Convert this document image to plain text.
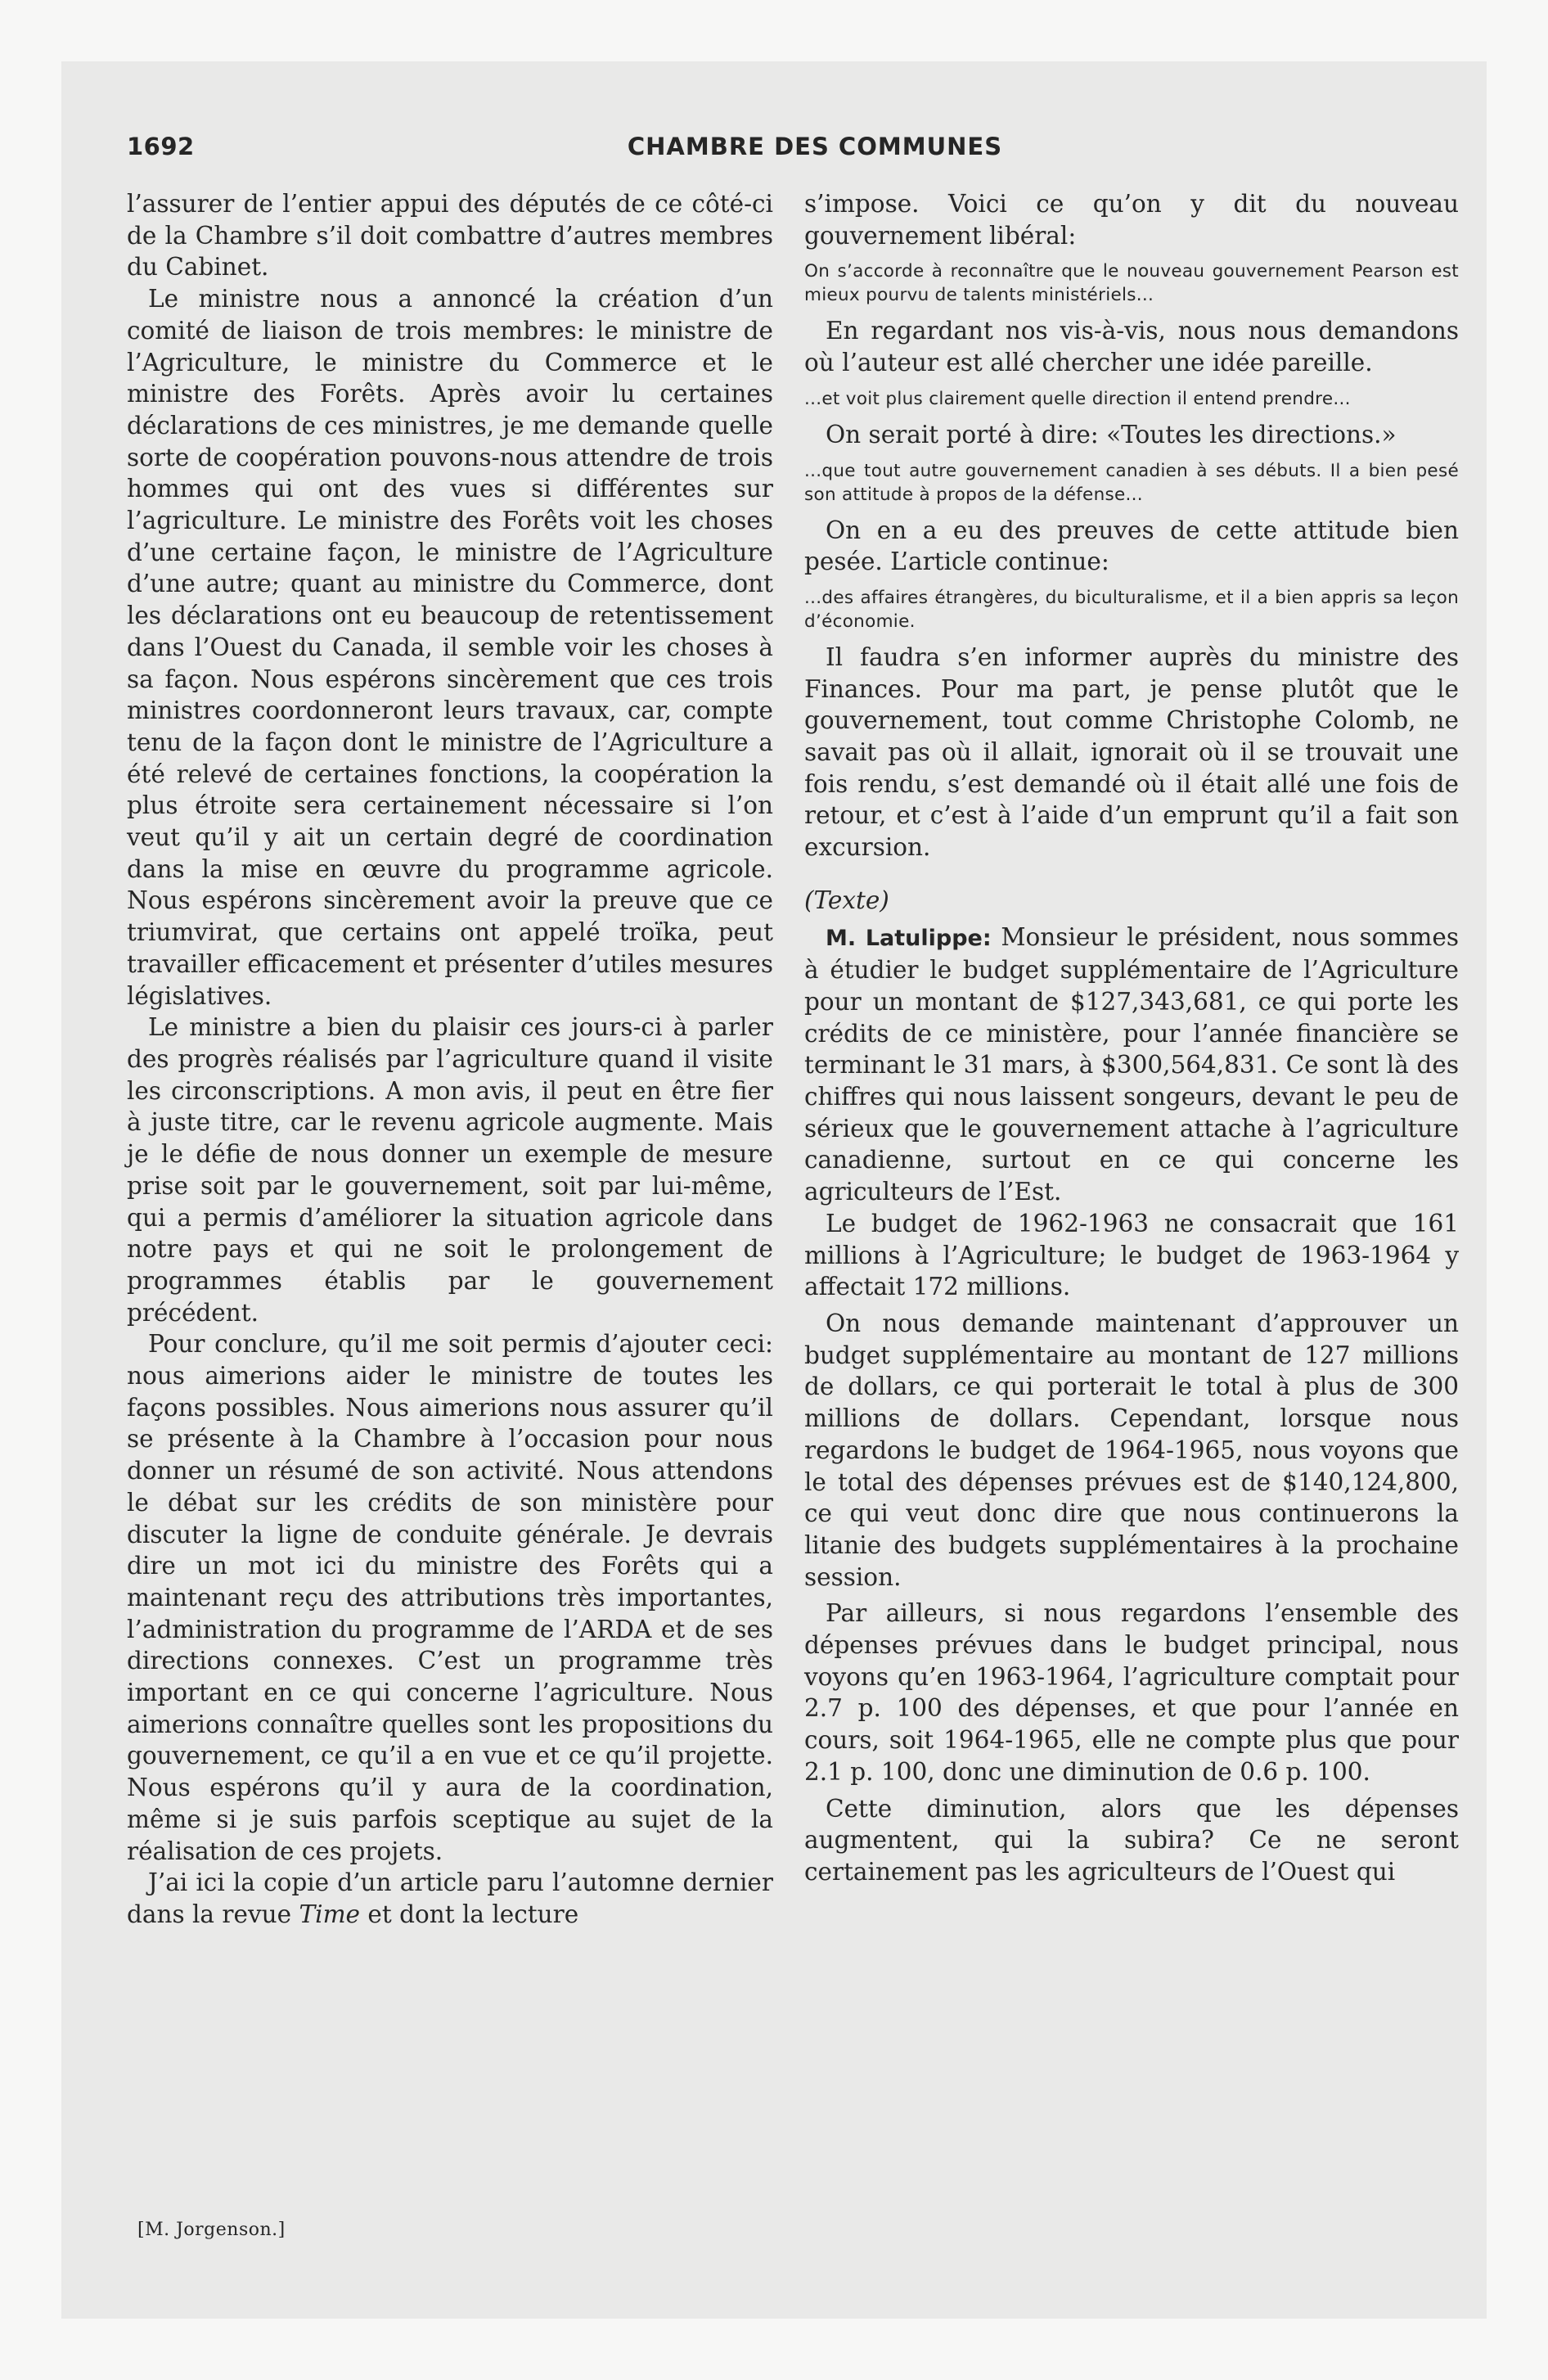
1692	CHAMBRE DES COMMUNES

l’assurer de l’entier appui des députés de ce côté-ci de la Chambre s’il doit combattre d’autres membres du Cabinet.

Le ministre nous a annoncé la création d’un comité de liaison de trois membres: le ministre de l’Agriculture, le ministre du Commerce et le ministre des Forêts. Après avoir lu certaines déclarations de ces ministres, je me demande quelle sorte de coopération pouvons-nous attendre de trois hommes qui ont des vues si différentes sur l’agriculture. Le ministre des Forêts voit les choses d’une certaine façon, le ministre de l’Agriculture d’une autre; quant au ministre du Commerce, dont les déclarations ont eu beaucoup de retentissement dans l’Ouest du Canada, il semble voir les choses à sa façon. Nous espérons sincèrement que ces trois ministres coordonneront leurs travaux, car, compte tenu de la façon dont le ministre de l’Agriculture a été relevé de certaines fonctions, la coopération la plus étroite sera certainement nécessaire si l’on veut qu’il y ait un certain degré de coordination dans la mise en œuvre du programme agricole. Nous espérons sincèrement avoir la preuve que ce triumvirat, que certains ont appelé troïka, peut travailler efficacement et présenter d’utiles mesures législatives.

Le ministre a bien du plaisir ces jours-ci à parler des progrès réalisés par l’agriculture quand il visite les circonscriptions. A mon avis, il peut en être fier à juste titre, car le revenu agricole augmente. Mais je le défie de nous donner un exemple de mesure prise soit par le gouvernement, soit par lui-même, qui a permis d’améliorer la situation agricole dans notre pays et qui ne soit le prolongement de programmes établis par le gouvernement précédent.

Pour conclure, qu’il me soit permis d’ajouter ceci: nous aimerions aider le ministre de toutes les façons possibles. Nous aimerions nous assurer qu’il se présente à la Chambre à l’occasion pour nous donner un résumé de son activité. Nous attendons le débat sur les crédits de son ministère pour discuter la ligne de conduite générale. Je devrais dire un mot ici du ministre des Forêts qui a maintenant reçu des attributions très importantes, l’administration du programme de l’ARDA et de ses directions connexes. C’est un programme très important en ce qui concerne l’agriculture. Nous aimerions connaître quelles sont les propositions du gouvernement, ce qu’il a en vue et ce qu’il projette. Nous espérons qu’il y aura de la coordination, même si je suis parfois sceptique au sujet de la réalisation de ces projets.

J’ai ici la copie d’un article paru l’automne dernier dans la revue Time et dont la lecture

[M. Jorgenson.]

s’impose. Voici ce qu’on y dit du nouveau gouvernement libéral:

On s’accorde à reconnaître que le nouveau gouvernement Pearson est mieux pourvu de talents ministériels...

En regardant nos vis-à-vis, nous nous demandons où l’auteur est allé chercher une idée pareille.

...et voit plus clairement quelle direction il entend prendre...

On serait porté à dire: «Toutes les directions.»

...que tout autre gouvernement canadien à ses débuts. Il a bien pesé son attitude à propos de la défense...

On en a eu des preuves de cette attitude bien pesée. L’article continue:

...des affaires étrangères, du biculturalisme, et il a bien appris sa leçon d’économie.

Il faudra s’en informer auprès du ministre des Finances. Pour ma part, je pense plutôt que le gouvernement, tout comme Christophe Colomb, ne savait pas où il allait, ignorait où il se trouvait une fois rendu, s’est demandé où il était allé une fois de retour, et c’est à l’aide d’un emprunt qu’il a fait son excursion.

(Texte)

M. Latulippe: Monsieur le président, nous sommes à étudier le budget supplémentaire de l’Agriculture pour un montant de $127,343,681, ce qui porte les crédits de ce ministère, pour l’année financière se terminant le 31 mars, à $300,564,831. Ce sont là des chiffres qui nous laissent songeurs, devant le peu de sérieux que le gouvernement attache à l’agriculture canadienne, surtout en ce qui concerne les agriculteurs de l’Est.

Le budget de 1962-1963 ne consacrait que 161 millions à l’Agriculture; le budget de 1963-1964 y affectait 172 millions.

On nous demande maintenant d’approuver un budget supplémentaire au montant de 127 millions de dollars, ce qui porterait le total à plus de 300 millions de dollars. Cependant, lorsque nous regardons le budget de 1964-1965, nous voyons que le total des dépenses prévues est de $140,124,800, ce qui veut donc dire que nous continuerons la litanie des budgets supplémentaires à la prochaine session.

Par ailleurs, si nous regardons l’ensemble des dépenses prévues dans le budget principal, nous voyons qu’en 1963-1964, l’agriculture comptait pour 2.7 p. 100 des dépenses, et que pour l’année en cours, soit 1964-1965, elle ne compte plus que pour 2.1 p. 100, donc une diminution de 0.6 p. 100.

Cette diminution, alors que les dépenses augmentent, qui la subira? Ce ne seront certainement pas les agriculteurs de l’Ouest qui
